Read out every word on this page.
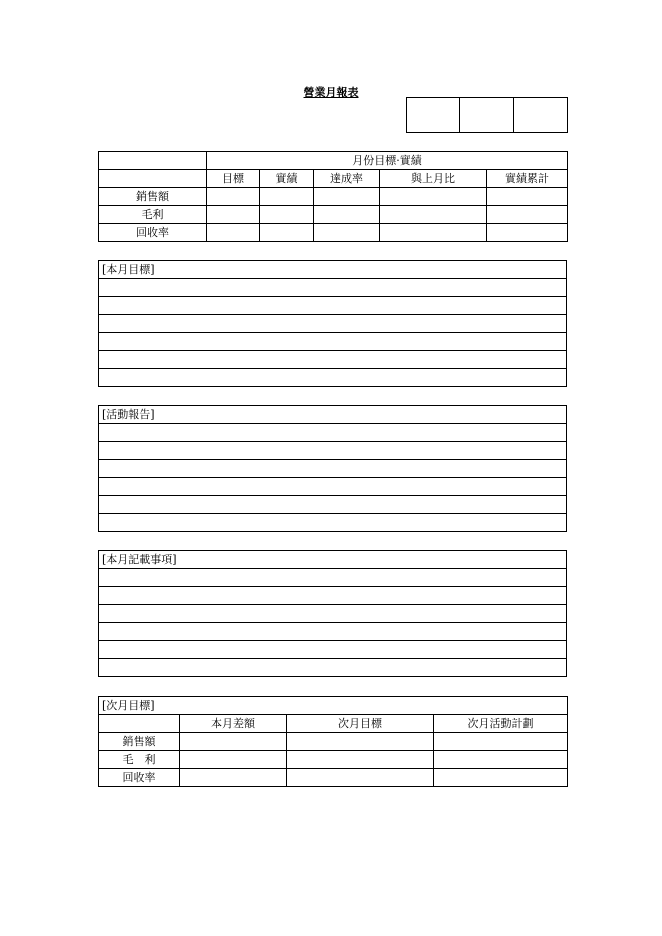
營業月報表

	月份目標·實績				
	目標	實績	達成率	與上月比	實績累計
銷售額					
毛利					
回收率					
[本月目標]

[活動報告]

[本月記載事項]

[次月目標]			
	本月差額	次月目標	次月活動計劃
銷售額			
毛　利			
回收率			
